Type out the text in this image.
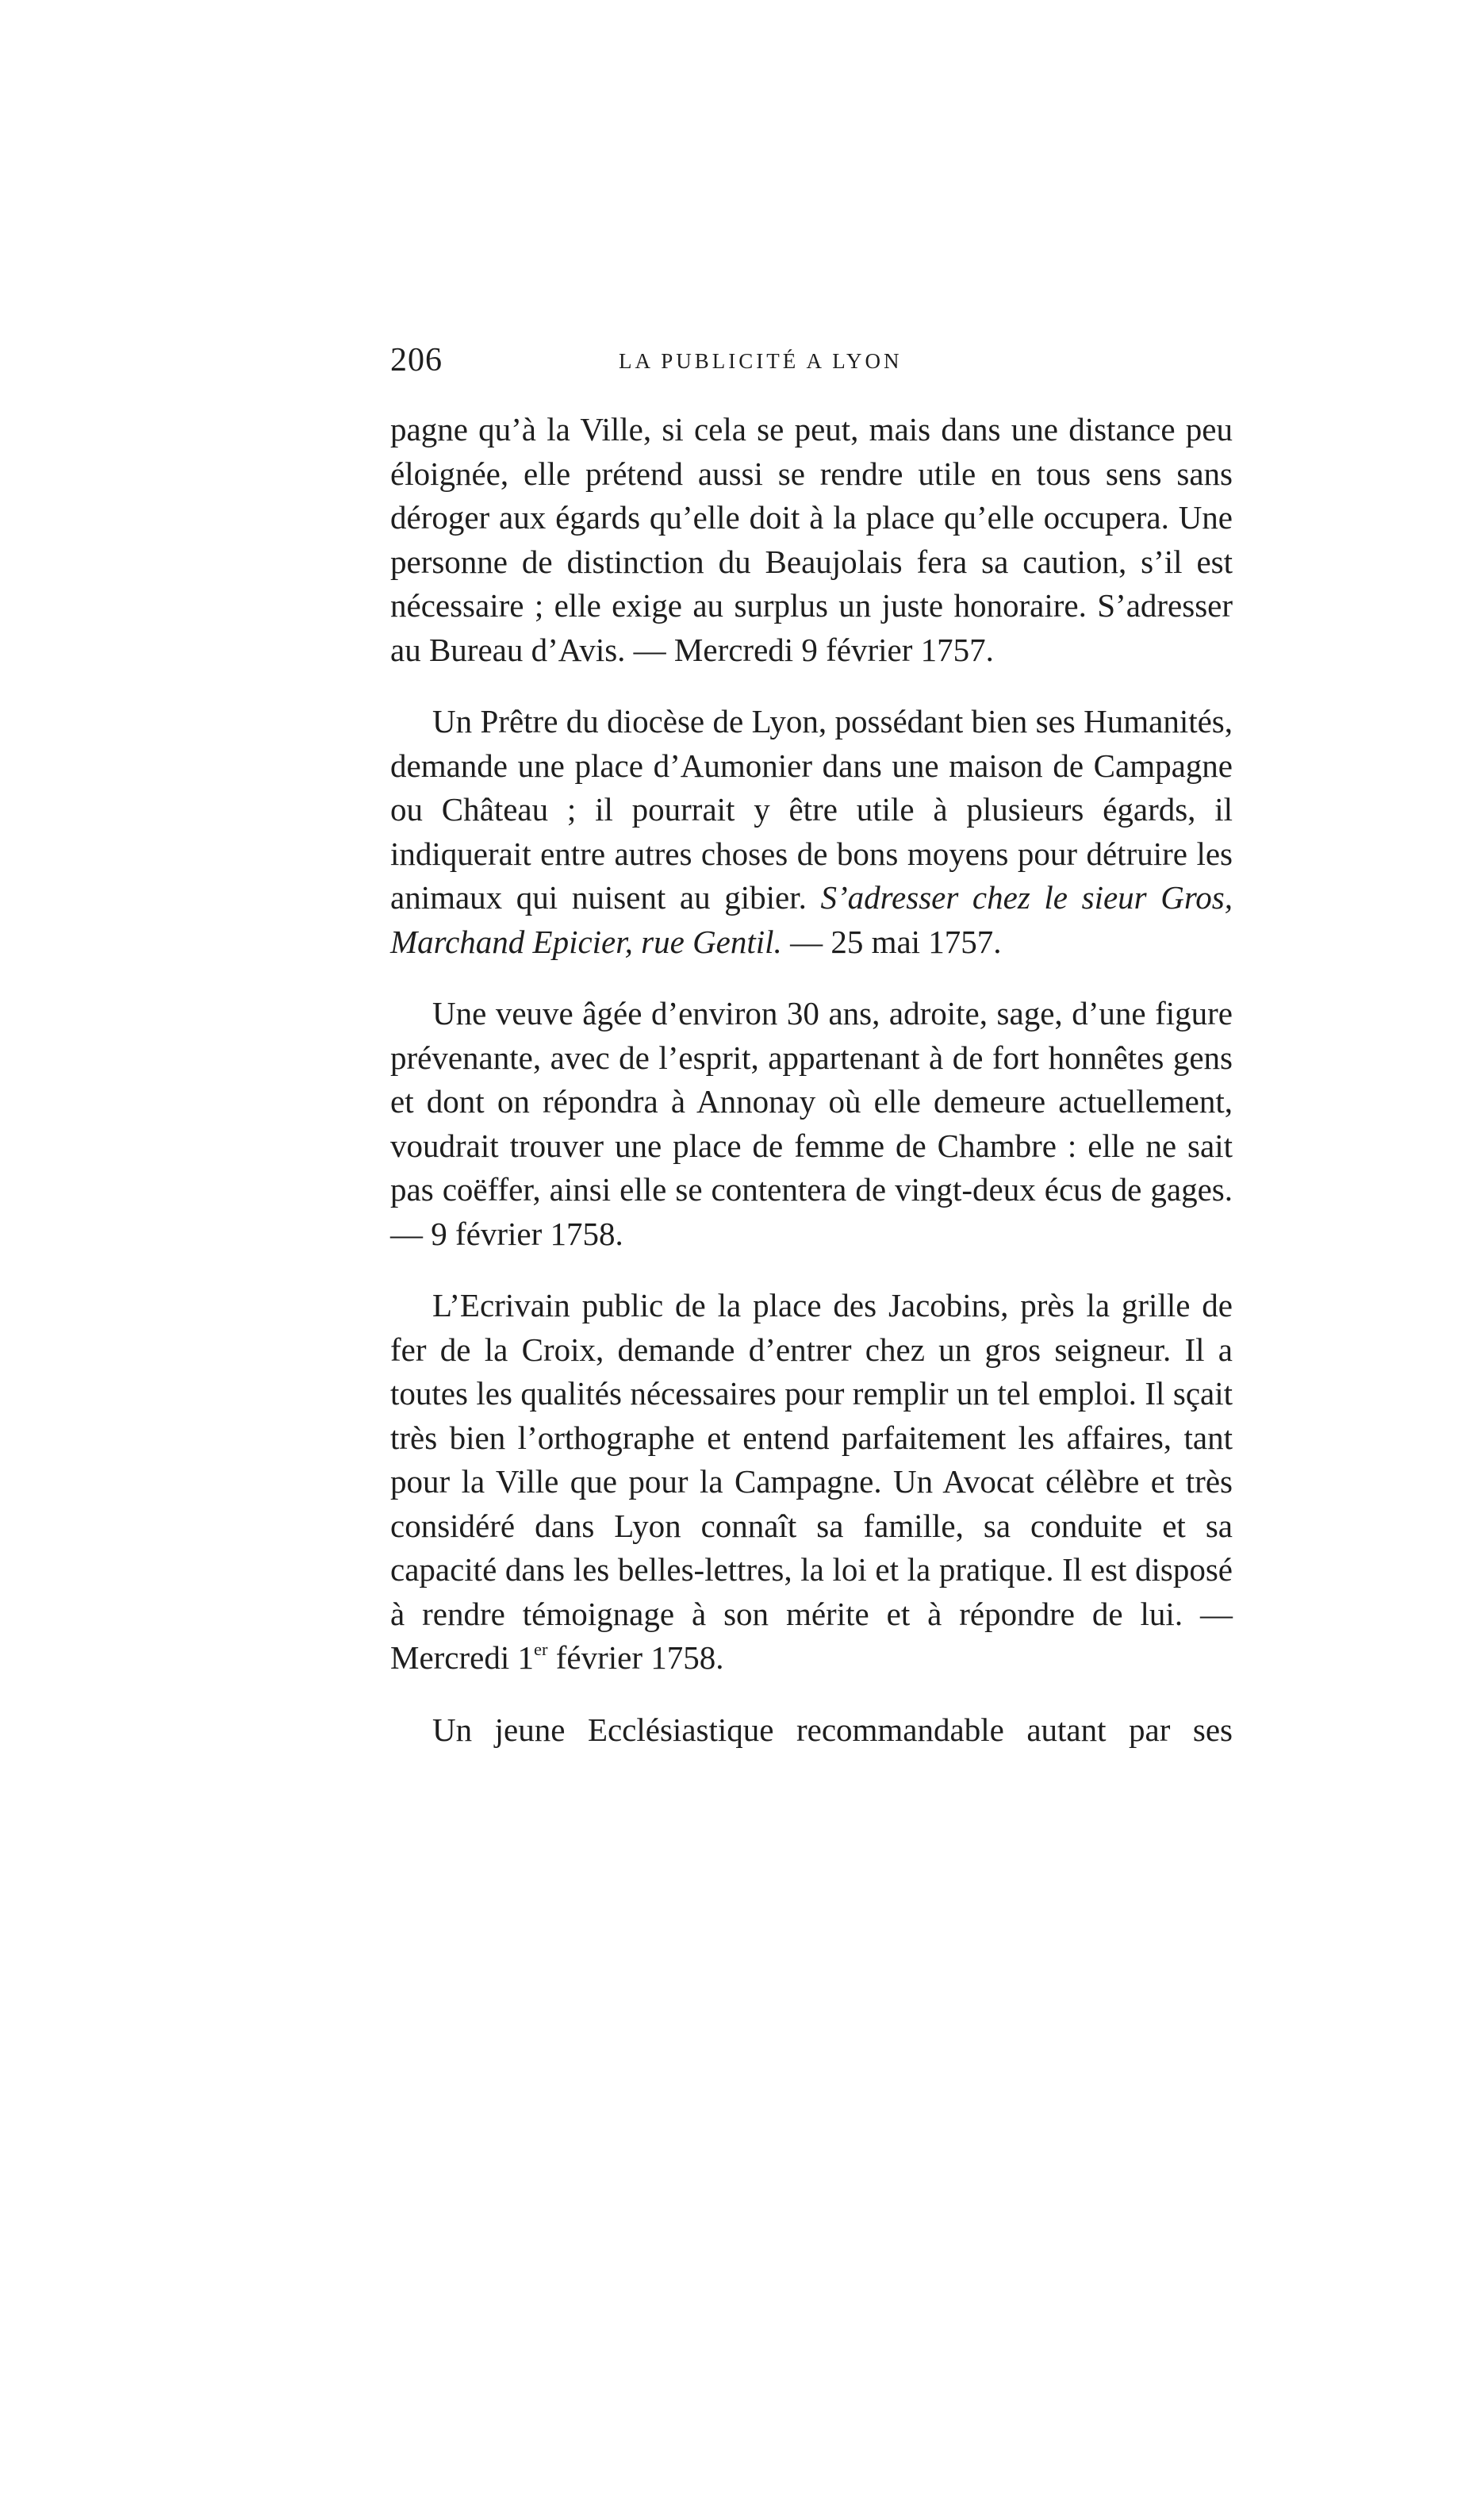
206	LA PUBLICITÉ A LYON

pagne qu’à la Ville, si cela se peut, mais dans une distance peu éloignée, elle prétend aussi se rendre utile en tous sens sans déroger aux égards qu’elle doit à la place qu’elle occupera. Une personne de distinction du Beaujolais fera sa caution, s’il est nécessaire ; elle exige au surplus un juste honoraire. S’adresser au Bureau d’Avis. — Mercredi 9 février 1757.

Un Prêtre du diocèse de Lyon, possédant bien ses Humanités, demande une place d’Aumonier dans une maison de Campagne ou Château ; il pourrait y être utile à plusieurs égards, il indiquerait entre autres choses de bons moyens pour détruire les animaux qui nuisent au gibier. S’adresser chez le sieur Gros, Marchand Epicier, rue Gentil. — 25 mai 1757.

Une veuve âgée d’environ 30 ans, adroite, sage, d’une figure prévenante, avec de l’esprit, appartenant à de fort honnêtes gens et dont on répondra à Annonay où elle demeure actuellement, voudrait trouver une place de femme de Chambre : elle ne sait pas coëffer, ainsi elle se contentera de vingt-deux écus de gages. — 9 février 1758.

L’Ecrivain public de la place des Jacobins, près la grille de fer de la Croix, demande d’entrer chez un gros seigneur. Il a toutes les qualités nécessaires pour remplir un tel emploi. Il sçait très bien l’orthographe et entend parfaitement les affaires, tant pour la Ville que pour la Campagne. Un Avocat célèbre et très considéré dans Lyon connaît sa famille, sa conduite et sa capacité dans les belles-lettres, la loi et la pratique. Il est disposé à rendre témoignage à son mérite et à répondre de lui. — Mercredi 1er février 1758.

Un jeune Ecclésiastique recommandable autant par ses
